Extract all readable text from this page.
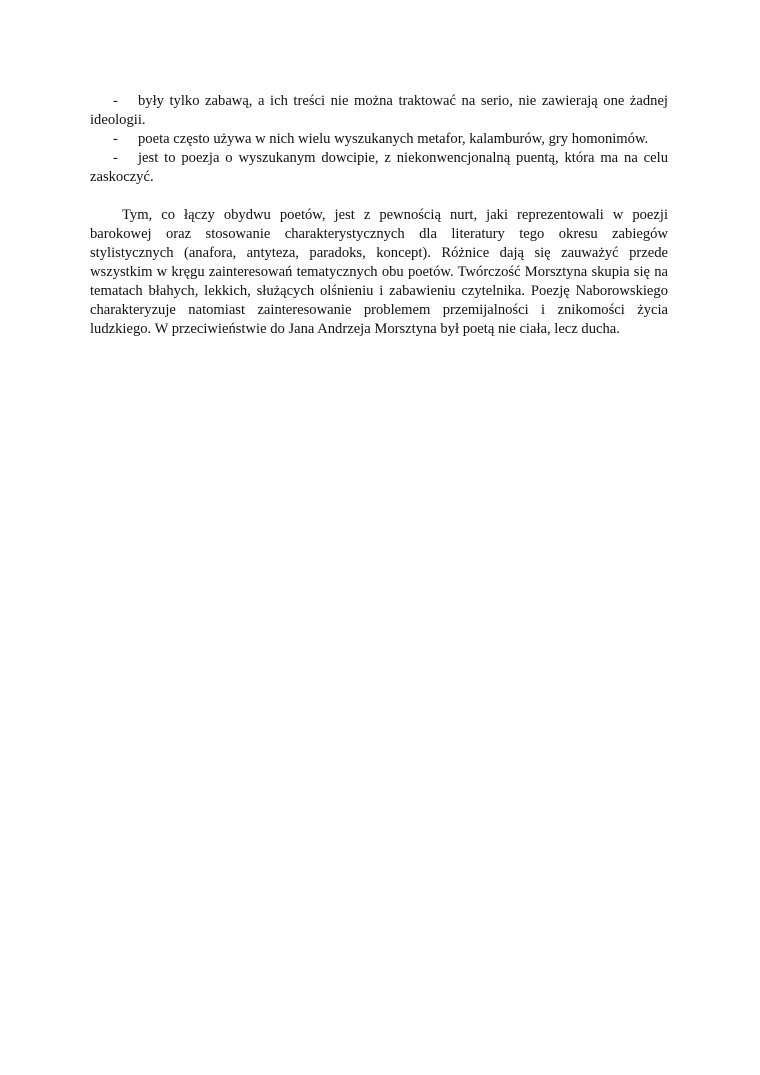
- były tylko zabawą, a ich treści nie można traktować na serio, nie zawierają one żadnej ideologii.
- poeta często używa w nich wielu wyszukanych metafor, kalamburów, gry homonimów.
- jest to poezja o wyszukanym dowcipie, z niekonwencjonalną puentą, która ma na celu zaskoczyć.

Tym, co łączy obydwu poetów, jest z pewnością nurt, jaki reprezentowali w poezji barokowej oraz stosowanie charakterystycznych dla literatury tego okresu zabiegów stylistycznych (anafora, antyteza, paradoks, koncept). Różnice dają się zauważyć przede wszystkim w kręgu zainteresowań tematycznych obu poetów. Twórczość Morsztyna skupia się na tematach błahych, lekkich, służących olśnieniu i zabawieniu czytelnika. Poezję Naborowskiego charakteryzuje natomiast zainteresowanie problemem przemijalności i znikomości życia ludzkiego. W przeciwieństwie do Jana Andrzeja Morsztyna był poetą nie ciała, lecz ducha.
